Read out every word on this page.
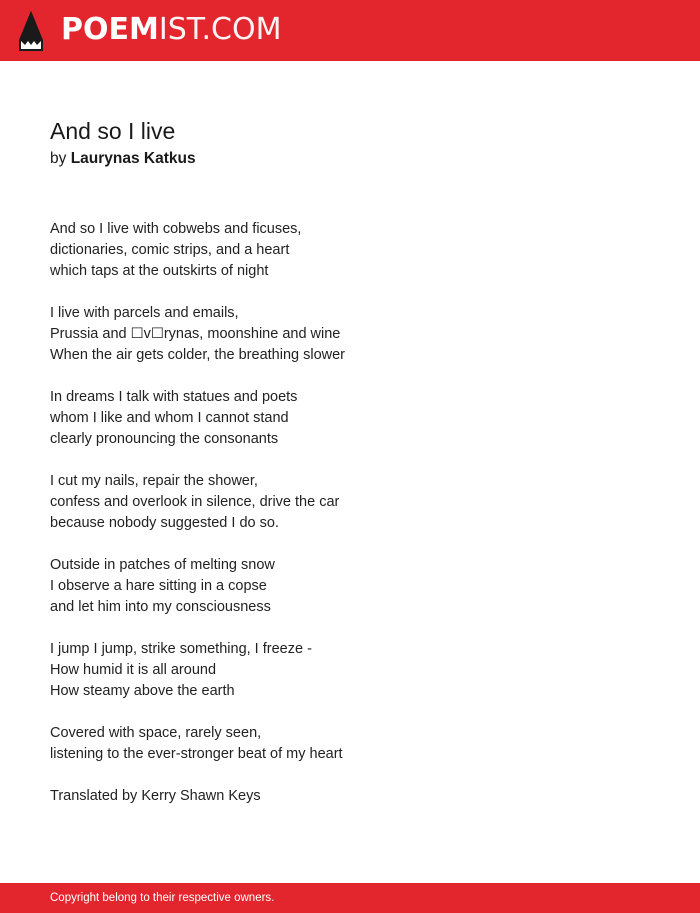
POEMIST.COM
And so I live
by Laurynas Katkus

And so I live with cobwebs and ficuses,
dictionaries, comic strips, and a heart
which taps at the outskirts of night

I live with parcels and emails,
Prussia and ☐v☐rynas, moonshine and wine
When the air gets colder, the breathing slower

In dreams I talk with statues and poets
whom I like and whom I cannot stand
clearly pronouncing the consonants

I cut my nails, repair the shower,
confess and overlook in silence, drive the car
because nobody suggested I do so.

Outside in patches of melting snow
I observe a hare sitting in a copse
and let him into my consciousness

I jump I jump, strike something, I freeze -
How humid it is all around
How steamy above the earth

Covered with space, rarely seen,
listening to the ever-stronger beat of my heart

Translated by Kerry Shawn Keys

Copyright belong to their respective owners.
